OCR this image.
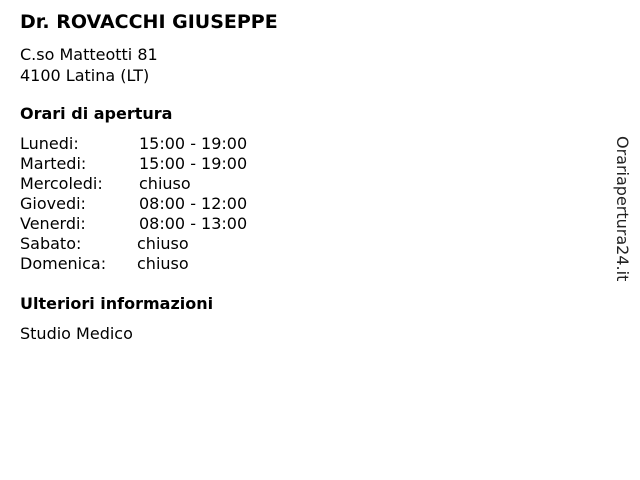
Dr. ROVACCHI GIUSEPPE
C.so Matteotti 81
4100 Latina (LT)
Orari di apertura
Lunedi:	15:00 - 19:00
Martedi:	15:00 - 19:00
Mercoledi: chiuso
Giovedi:	08:00 - 12:00
Venerdi:	08:00 - 13:00
Sabato:	chiuso
Domenica: chiuso
Ulteriori informazioni
Studio Medico
Orariapertura24.it
